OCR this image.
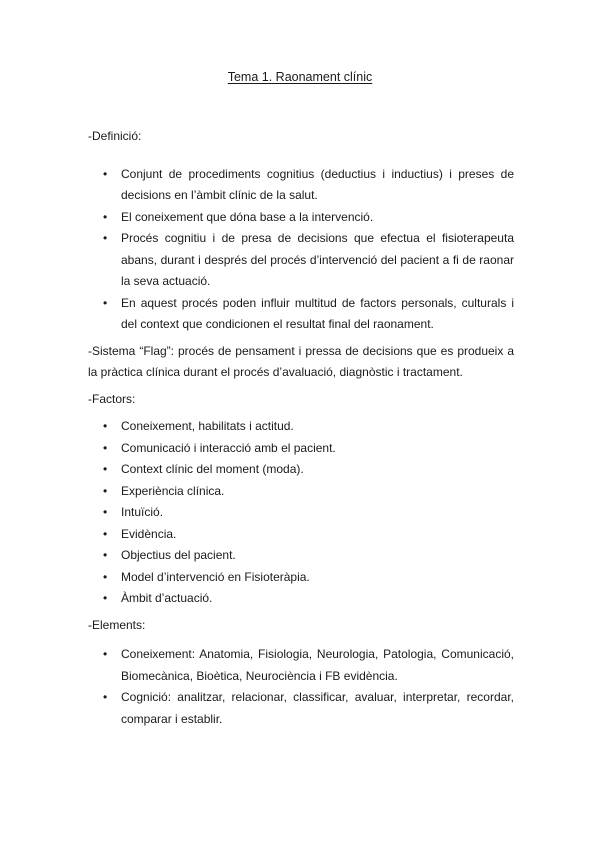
Tema 1. Raonament clínic

-Definició:

• Conjunt de procediments cognitius (deductius i inductius) i preses de decisions en l’àmbit clínic de la salut.
• El coneixement que dóna base a la intervenció.
• Procés cognitiu i de presa de decisions que efectua el fisioterapeuta abans, durant i després del procés d’intervenció del pacient a fi de raonar la seva actuació.
• En aquest procés poden influir multitud de factors personals, culturals i del context que condicionen el resultat final del raonament.

-Sistema “Flag”: procés de pensament i pressa de decisions que es produeix a la pràctica clínica durant el procés d’avaluació, diagnòstic i tractament.

-Factors:

• Coneixement, habilitats i actitud.
• Comunicació i interacció amb el pacient.
• Context clínic del moment (moda).
• Experiència clínica.
• Intuïció.
• Evidència.
• Objectius del pacient.
• Model d’intervenció en Fisioteràpia.
• Àmbit d’actuació.

-Elements:

• Coneixement: Anatomia, Fisiologia, Neurologia, Patologia, Comunicació, Biomecànica, Bioètica, Neurociència i FB evidència.
• Cognició: analitzar, relacionar, classificar, avaluar, interpretar, recordar, comparar i establir.
